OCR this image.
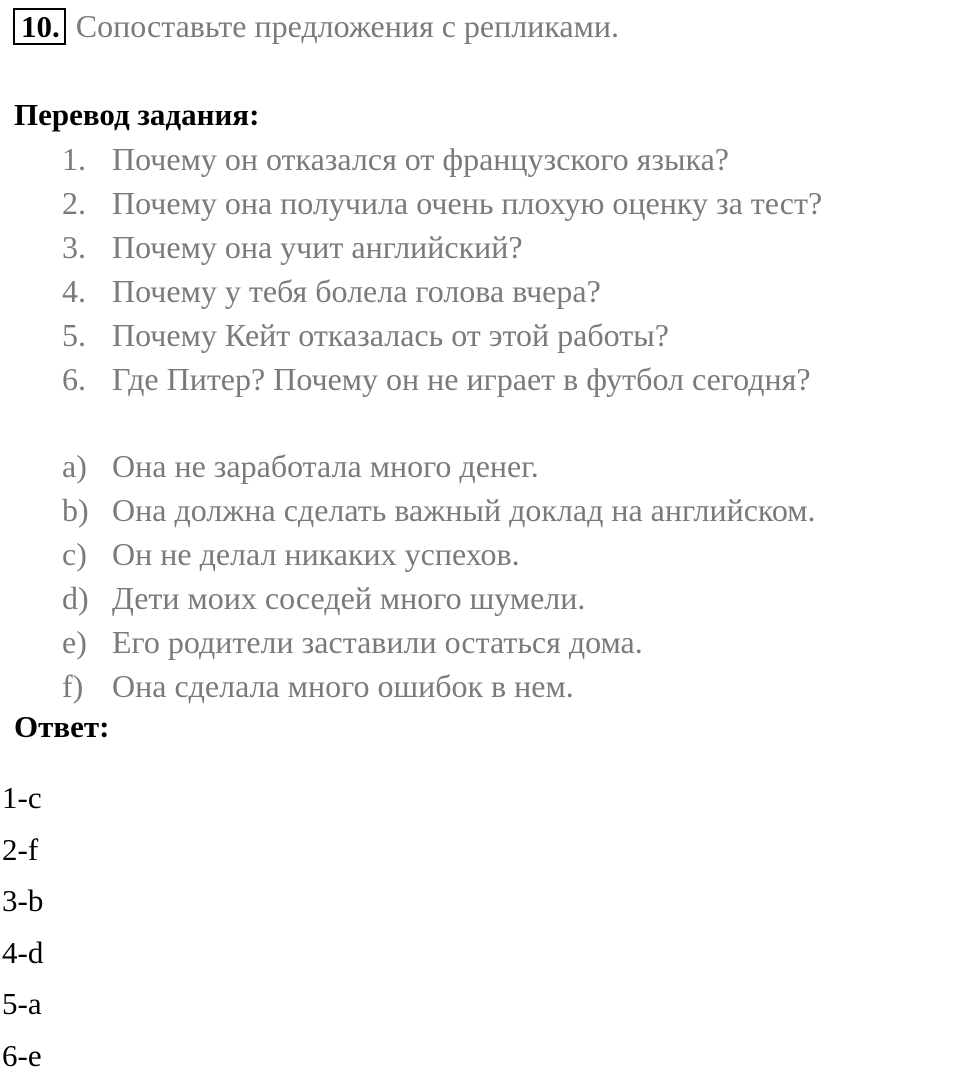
10. Сопоставьте предложения с репликами.
Перевод задания:
1. Почему он отказался от французского языка?
2. Почему она получила очень плохую оценку за тест?
3. Почему она учит английский?
4. Почему у тебя болела голова вчера?
5. Почему Кейт отказалась от этой работы?
6. Где Питер? Почему он не играет в футбол сегодня?
a) Она не заработала много денег.
b) Она должна сделать важный доклад на английском.
c) Он не делал никаких успехов.
d) Дети моих соседей много шумели.
e) Его родители заставили остаться дома.
f) Она сделала много ошибок в нем.
Ответ:
1-c
2-f
3-b
4-d
5-a
6-e
